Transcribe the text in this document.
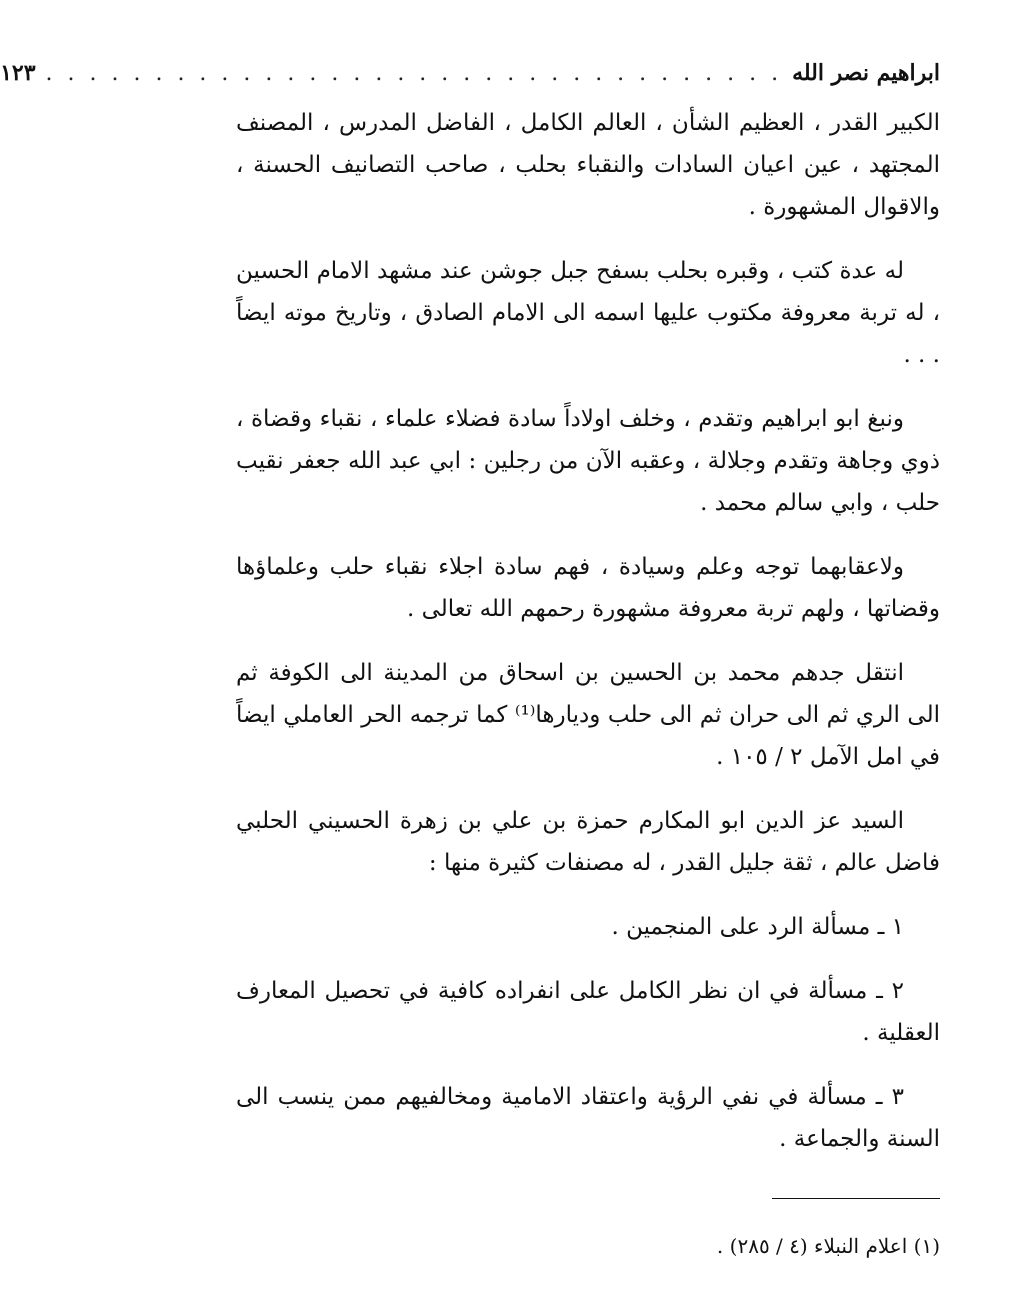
ابراهيم نصر الله
. . . . . . . . . . . . . . . . . . . . . . . . . . . . . . . . . .
١٢٣

الكبير القدر ، العظيم الشأن ، العالم الكامل ، الفاضل المدرس ، المصنف المجتهد ، عين اعيان السادات والنقباء بحلب ، صاحب التصانيف الحسنة ، والاقوال المشهورة .

له عدة كتب ، وقبره بحلب بسفح جبل جوشن عند مشهد الامام الحسين ، له تربة معروفة مكتوب عليها اسمه الى الامام الصادق ، وتاريخ موته ايضاً . . .

ونبغ ابو ابراهيم وتقدم ، وخلف اولاداً سادة فضلاء علماء ، نقباء وقضاة ، ذوي وجاهة وتقدم وجلالة ، وعقبه الآن من رجلين : ابي عبد الله جعفر نقيب حلب ، وابي سالم محمد .

ولاعقابهما توجه وعلم وسيادة ، فهم سادة اجلاء نقباء حلب وعلماؤها وقضاتها ، ولهم تربة معروفة مشهورة رحمهم الله تعالى .

انتقل جدهم محمد بن الحسين بن اسحاق من المدينة الى الكوفة ثم الى الري ثم الى حران ثم الى حلب وديارها⁽¹⁾ كما ترجمه الحر العاملي ايضاً في امل الآمل ٢ / ١٠٥ .

السيد عز الدين ابو المكارم حمزة بن علي بن زهرة الحسيني الحلبي فاضل عالم ، ثقة جليل القدر ، له مصنفات كثيرة منها :

١ ـ مسألة الرد على المنجمين .

٢ ـ مسألة في ان نظر الكامل على انفراده كافية في تحصيل المعارف العقلية .

٣ ـ مسألة في نفي الرؤية واعتقاد الامامية ومخالفيهم ممن ينسب الى السنة والجماعة .

(١) اعلام النبلاء (٤ / ٢٨٥) .
